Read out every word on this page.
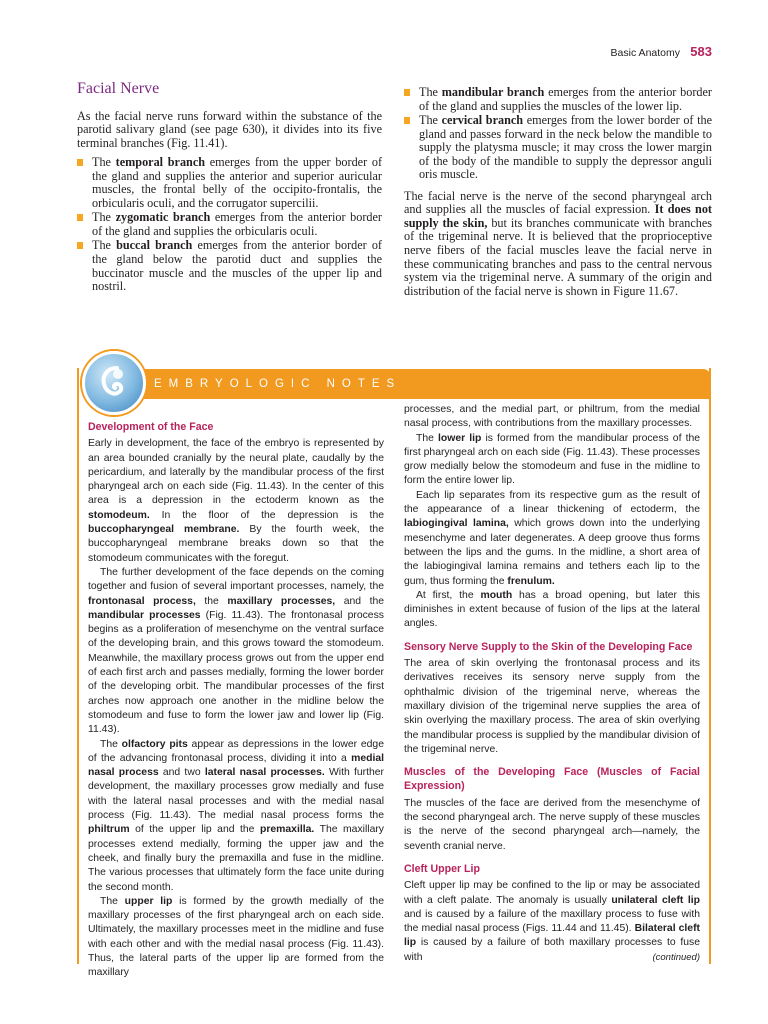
Basic Anatomy 583
Facial Nerve

As the facial nerve runs forward within the substance of the parotid salivary gland (see page 630), it divides into its five terminal branches (Fig. 11.41).

The temporal branch emerges from the upper border of the gland and supplies the anterior and superior auricular muscles, the frontal belly of the occipito-frontalis, the orbicularis oculi, and the corrugator supercilii.
The zygomatic branch emerges from the anterior border of the gland and supplies the orbicularis oculi.
The buccal branch emerges from the anterior border of the gland below the parotid duct and supplies the buccinator muscle and the muscles of the upper lip and nostril.
The mandibular branch emerges from the anterior border of the gland and supplies the muscles of the lower lip.
The cervical branch emerges from the lower border of the gland and passes forward in the neck below the mandible to supply the platysma muscle; it may cross the lower margin of the body of the mandible to supply the depressor anguli oris muscle.

The facial nerve is the nerve of the second pharyngeal arch and supplies all the muscles of facial expression. It does not supply the skin, but its branches communicate with branches of the trigeminal nerve. It is believed that the proprioceptive nerve fibers of the facial muscles leave the facial nerve in these communicating branches and pass to the central nervous system via the trigeminal nerve. A summary of the origin and distribution of the facial nerve is shown in Figure 11.67.

EMBRYOLOGIC NOTES
Development of the Face

Early in development, the face of the embryo is represented by an area bounded cranially by the neural plate, caudally by the pericardium, and laterally by the mandibular process of the first pharyngeal arch on each side (Fig. 11.43). In the center of this area is a depression in the ectoderm known as the stomodeum. In the floor of the depression is the buccopharyngeal membrane. By the fourth week, the buccopharyngeal membrane breaks down so that the stomodeum communicates with the foregut.

The further development of the face depends on the coming together and fusion of several important processes, namely, the frontonasal process, the maxillary processes, and the mandibular processes (Fig. 11.43). The frontonasal process begins as a proliferation of mesenchyme on the ventral surface of the developing brain, and this grows toward the stomodeum. Meanwhile, the maxillary process grows out from the upper end of each first arch and passes medially, forming the lower border of the developing orbit. The mandibular processes of the first arches now approach one another in the midline below the stomodeum and fuse to form the lower jaw and lower lip (Fig. 11.43).

The olfactory pits appear as depressions in the lower edge of the advancing frontonasal process, dividing it into a medial nasal process and two lateral nasal processes. With further development, the maxillary processes grow medially and fuse with the lateral nasal processes and with the medial nasal process (Fig. 11.43). The medial nasal process forms the philtrum of the upper lip and the premaxilla. The maxillary processes extend medially, forming the upper jaw and the cheek, and finally bury the premaxilla and fuse in the midline. The various processes that ultimately form the face unite during the second month.

The upper lip is formed by the growth medially of the maxillary processes of the first pharyngeal arch on each side. Ultimately, the maxillary processes meet in the midline and fuse with each other and with the medial nasal process (Fig. 11.43). Thus, the lateral parts of the upper lip are formed from the maxillary

processes, and the medial part, or philtrum, from the medial nasal process, with contributions from the maxillary processes.

The lower lip is formed from the mandibular process of the first pharyngeal arch on each side (Fig. 11.43). These processes grow medially below the stomodeum and fuse in the midline to form the entire lower lip.

Each lip separates from its respective gum as the result of the appearance of a linear thickening of ectoderm, the labiogingival lamina, which grows down into the underlying mesenchyme and later degenerates. A deep groove thus forms between the lips and the gums. In the midline, a short area of the labiogingival lamina remains and tethers each lip to the gum, thus forming the frenulum.

At first, the mouth has a broad opening, but later this diminishes in extent because of fusion of the lips at the lateral angles.

Sensory Nerve Supply to the Skin of the Developing Face

The area of skin overlying the frontonasal process and its derivatives receives its sensory nerve supply from the ophthalmic division of the trigeminal nerve, whereas the maxillary division of the trigeminal nerve supplies the area of skin overlying the maxillary process. The area of skin overlying the mandibular process is supplied by the mandibular division of the trigeminal nerve.

Muscles of the Developing Face (Muscles of Facial Expression)

The muscles of the face are derived from the mesenchyme of the second pharyngeal arch. The nerve supply of these muscles is the nerve of the second pharyngeal arch—namely, the seventh cranial nerve.

Cleft Upper Lip

Cleft upper lip may be confined to the lip or may be associated with a cleft palate. The anomaly is usually unilateral cleft lip and is caused by a failure of the maxillary process to fuse with the medial nasal process (Figs. 11.44 and 11.45). Bilateral cleft lip is caused by a failure of both maxillary processes to fuse with	(continued)
